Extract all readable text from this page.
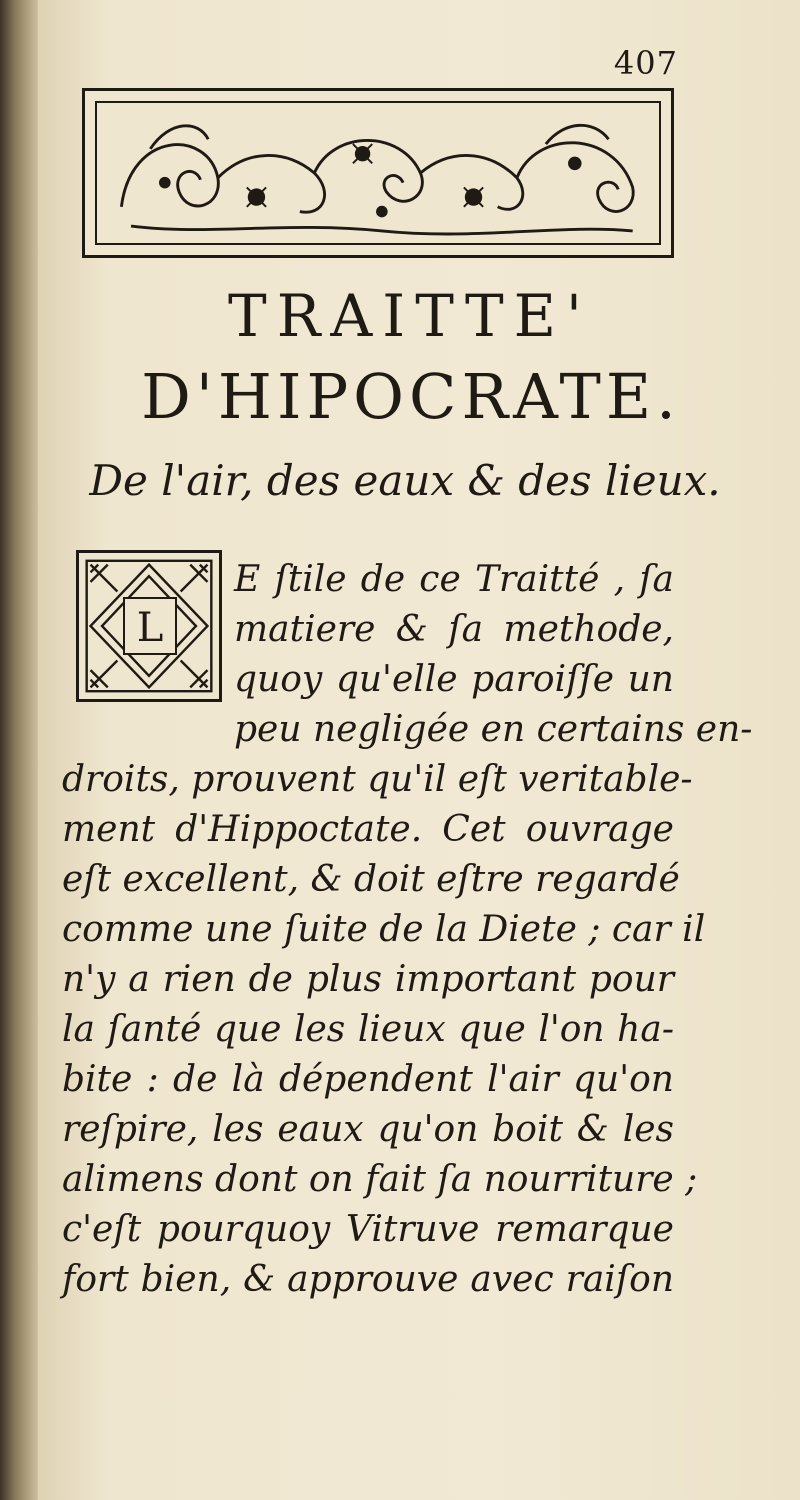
407
TRAITTE'
D'HIPOCRATE.
De l'air, des eaux & des lieux.
L
E ſtile de ce Traitté , ſa
matiere & ſa methode,
quoy qu'elle paroiſſe un
peu negligée en certains en-
droits, prouvent qu'il eſt veritable-
ment d'Hippoctate. Cet ouvrage
eſt excellent, & doit eſtre regardé
comme une ſuite de la Diete ; car il
n'y a rien de plus important pour
la ſanté que les lieux que l'on ha-
bite : de là dépendent l'air qu'on
reſpire, les eaux qu'on boit & les
alimens dont on fait ſa nourriture ;
c'eſt pourquoy Vitruve remarque
fort bien, & approuve avec raiſon
